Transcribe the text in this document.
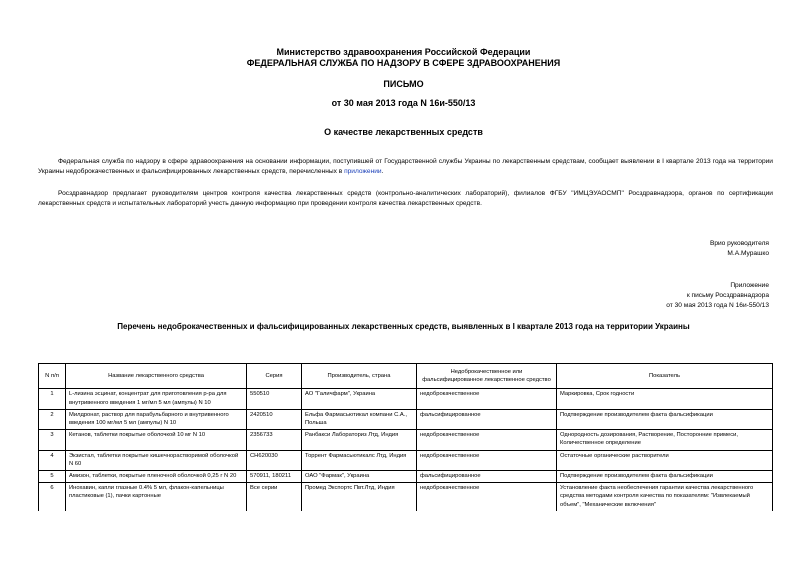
Министерство здравоохранения Российской Федерации
ФЕДЕРАЛЬНАЯ СЛУЖБА ПО НАДЗОРУ В СФЕРЕ ЗДРАВООХРАНЕНИЯ
ПИСЬМО
от 30 мая 2013 года N 16и-550/13
О качестве лекарственных средств
Федеральная служба по надзору в сфере здравоохранения на основании информации, поступившей от Государственной службы Украины по лекарственным средствам, сообщает выявлении в I квартале 2013 года на территории Украины недоброкачественных и фальсифицированных лекарственных средств, перечисленных в приложении.
Росздравнадзор предлагает руководителям центров контроля качества лекарственных средств (контрольно-аналитических лабораторий), филиалов ФГБУ "ИМЦЭУАОСМП" Росздравнадзора, органов по сертификации лекарственных средств и испытательных лабораторий учесть данную информацию при проведении контроля качества лекарственных средств.
Врио руководителя
М.А.Мурашко
Приложение
к письму Росздравнадзора
от 30 мая 2013 года N 16и-550/13
Перечень недоброкачественных и фальсифицированных лекарственных средств, выявленных в I квартале 2013 года на территории Украины
N п/п	Название лекарственного средства	Серия	Производитель, страна	Недоброкачественное или фальсифицированное лекарственное средство	Показатель
1	L-лизина эсцинат, концентрат для приготовления р-ра для внутривенного введения 1 мг/мл 5 мл (ампулы) N 10	550510	АО "Галичфарм", Украина	недоброкачественное	Маркировка, Срок годности
2	Милдронат, раствор для парабульбарного и внутривенного введения 100 мг/мл 5 мл (ампулы) N 10	2420510	Ельфа Фармасьютикал компани С.А., Польша	фальсифицированное	Подтверждение производителем факта фальсификации
3	Кетанов, таблетки покрытые оболочкой 10 мг N 10	2356733	Ранбакси Лабораториз Лтд, Индия	недоброкачественное	Однородность дозирования, Растворение, Посторонние примеси, Количественное определение
4	Экзистал, таблетки покрытые кишечнорастворимой оболочкой N 60	CH620030	Торрент Фармасьютикалс Лтд, Индия	недоброкачественное	Остаточные органические растворители
5	Амизон, таблетки, покрытые пленочной оболочкой 0,25 г N 20	570911, 180211	ОАО "Фармак", Украина	фальсифицированное	Подтверждение производителем факта фальсификации
6	Инохавин, капли глазные 0.4% 5 мл, флакон-капельницы пластиковые (1), пачки картонные	Все серии	Промед Экспортс Пвт.Лтд, Индия	недоброкачественное	Установление факта необеспечения гарантии качества лекарственного средства методами контроля качества по показателям: "Извлекаемый объем", "Механические включения"
